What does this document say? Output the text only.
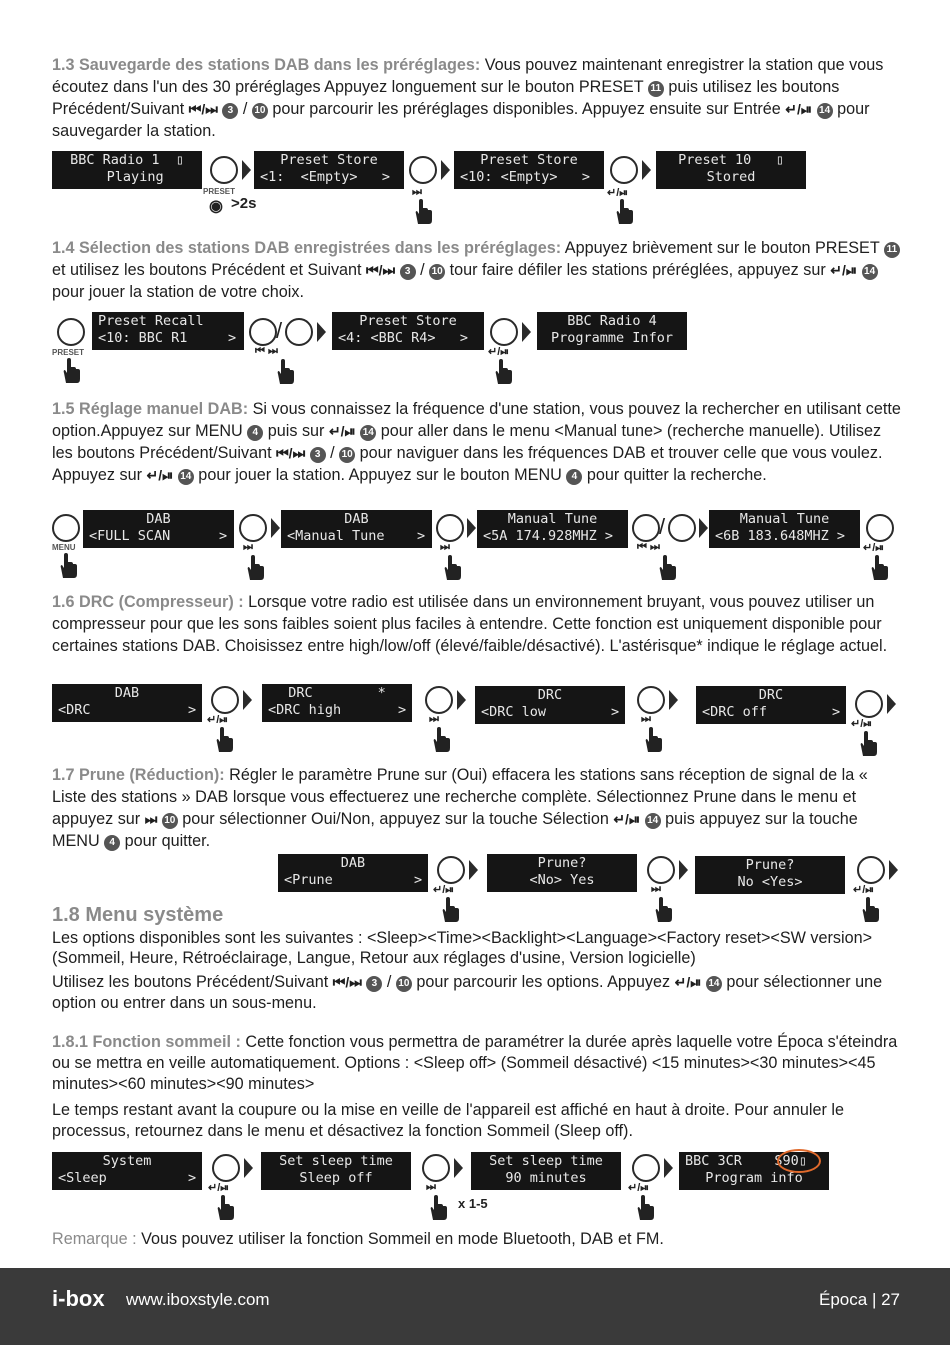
1.3 Sauvegarde des stations DAB dans les préréglages: Vous pouvez maintenant enregistrer la station que vous écoutez dans l'un des 30 préréglages Appuyez longuement sur le bouton PRESET 11 puis utilisez les boutons Précédent/Suivant ⏮/⏭ 3 / 10 pour parcourir les préréglages disponibles. Appuyez ensuite sur Entrée ↵/⏯ 14 pour sauvegarder la station.

BBC Radio 1  ▯
Playing
PRESET
◉ >2s
Preset Store
<1:  <Empty>   >
⏭
Preset Store
<10: <Empty>   >
↵/⏯
Preset 10   ▯
Stored

1.4 Sélection des stations DAB enregistrées dans les préréglages: Appuyez brièvement sur le bouton PRESET 11 et utilisez les boutons Précédent et Suivant ⏮/⏭ 3 / 10 tour faire défiler les stations préréglées, appuyez sur ↵/⏯ 14 pour jouer la station de votre choix.

PRESET
Preset Recall
<10: BBC R1     > /
⏮ ⏭
Preset Store
<4: <BBC R4>   >
↵/⏯
BBC Radio 4
Programme Infor

1.5 Réglage manuel DAB: Si vous connaissez la fréquence d'une station, vous pouvez la rechercher en utilisant cette option.Appuyez sur MENU 4 puis sur ↵/⏯ 14 pour aller dans le menu <Manual tune> (recherche manuelle). Utilisez les boutons Précédent/Suivant ⏮/⏭ 3 / 10 pour naviguer dans les fréquences DAB et trouver celle que vous voulez. Appuyez sur ↵/⏯ 14 pour jouer la station. Appuyez sur le bouton MENU 4 pour quitter la recherche.

MENU
DAB
<FULL SCAN      >
⏭
DAB
<Manual Tune    >
⏭
Manual Tune
<5A 174.928MHZ >	/
⏮ ⏭
Manual Tune
<6B 183.648MHZ >
↵/⏯

1.6 DRC (Compresseur) : Lorsque votre radio est utilisée dans un environnement bruyant, vous pouvez utiliser un compresseur pour que les sons faibles soient plus faciles à entendre. Cette fonction est uniquement disponible pour certaines stations DAB. Choisissez entre high/low/off (élevé/faible/désactivé). L'astérisque* indique le réglage actuel.

DAB
<DRC            >
↵/⏯
DRC        *
<DRC high       >
⏭
DRC
<DRC low        > ⏭
DRC
<DRC off        >
↵/⏯

1.7 Prune (Réduction): Régler le paramètre Prune sur (Oui) effacera les stations sans réception de signal de la « Liste des stations » DAB lorsque vous effectuerez une recherche complète. Sélectionnez Prune dans le menu et appuyez sur ⏭ 10 pour sélectionner Oui/Non, appuyez sur la touche Sélection ↵/⏯ 14 puis appuyez sur la touche MENU 4 pour quitter.

DAB
<Prune          >
↵/⏯
Prune?
<No> Yes
⏭
Prune?
No <Yes>	↵/⏯
1.8 Menu système

Les options disponibles sont les suivantes : <Sleep><Time><Backlight><Language><Factory reset><SW version> (Sommeil, Heure, Rétroéclairage, Langue, Retour aux réglages d'usine, Version logicielle)

Utilisez les boutons Précédent/Suivant ⏮/⏭ 3 / 10 pour parcourir les options. Appuyez ↵/⏯ 14 pour sélectionner une option ou entrer dans un sous-menu.

1.8.1 Fonction sommeil : Cette fonction vous permettra de paramétrer la durée après laquelle votre Época s'éteindra ou se mettra en veille automatiquement. Options : <Sleep off> (Sommeil désactivé) <15 minutes><30 minutes><45 minutes><60 minutes><90 minutes>

Le temps restant avant la coupure ou la mise en veille de l'appareil est affiché en haut à droite. Pour annuler le processus, retournez dans le menu et désactivez la fonction Sommeil (Sleep off).

System
<Sleep          >
↵/⏯
Set sleep time
Sleep off
⏭
x 1-5
Set sleep time
90 minutes
↵/⏯
BBC 3CR    S90▯
Program info

Remarque : Vous pouvez utiliser la fonction Sommeil en mode Bluetooth, DAB et FM.

i-box www.iboxstyle.com	Época | 27
